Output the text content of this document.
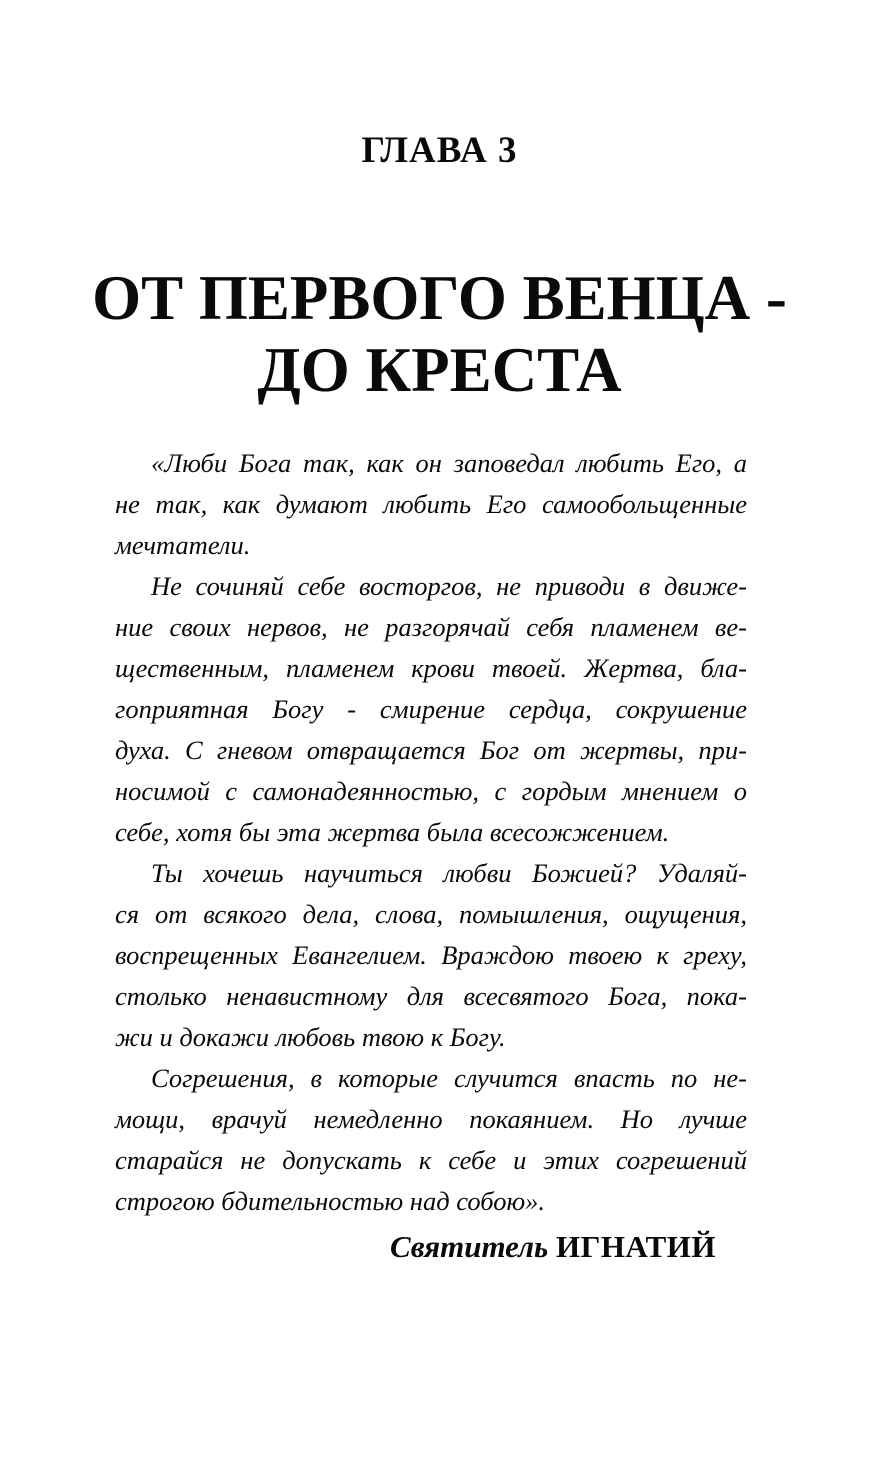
ГЛАВА 3
ОТ ПЕРВОГО ВЕНЦА -
ДО КРЕСТА
«Люби Бога так, как он заповедал любить Его, а
не так, как думают любить Его самообольщенные
мечтатели.
Не сочиняй себе восторгов, не приводи в движе-
ние своих нервов, не разгорячай себя пламенем ве-
щественным, пламенем крови твоей. Жертва, бла-
гоприятная Богу - смирение сердца, сокрушение
духа. С гневом отвращается Бог от жертвы, при-
носимой с самонадеянностью, с гордым мнением о
себе, хотя бы эта жертва была всесожжением.
Ты хочешь научиться любви Божией? Удаляй-
ся от всякого дела, слова, помышления, ощущения,
воспрещенных Евангелием. Враждою твоею к греху,
столько ненавистному для всесвятого Бога, пока-
жи и докажи любовь твою к Богу.
Согрешения, в которые случится впасть по не-
мощи, врачуй немедленно покаянием. Но лучше
старайся не допускать к себе и этих согрешений
строгою бдительностью над собою».
Святитель ИГНАТИЙ
